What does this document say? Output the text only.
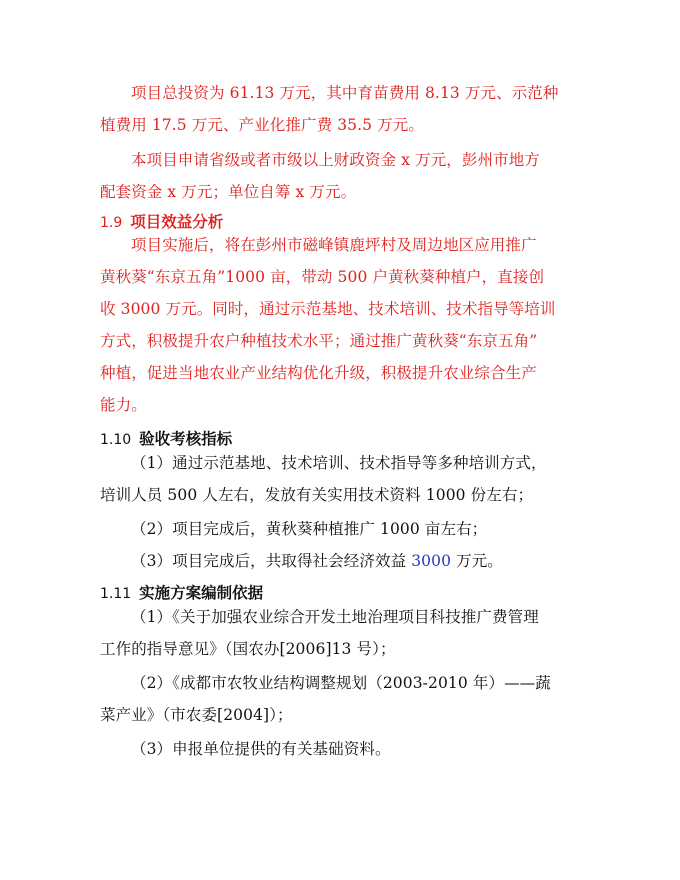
项目总投资为 61.13 万元，其中育苗费用 8.13 万元、示范种
植费用 17.5 万元、产业化推广费 35.5 万元。

本项目申请省级或者市级以上财政资金 x 万元，彭州市地方
配套资金 x 万元；单位自筹 x 万元。

1.9 项目效益分析

项目实施后，将在彭州市磁峰镇鹿坪村及周边地区应用推广
黄秋葵“东京五角”1000 亩，带动 500 户黄秋葵种植户，直接创
收 3000 万元。同时，通过示范基地、技术培训、技术指导等培训
方式，积极提升农户种植技术水平；通过推广黄秋葵“东京五角”
种植，促进当地农业产业结构优化升级，积极提升农业综合生产
能力。

1.10 验收考核指标

（1）通过示范基地、技术培训、技术指导等多种培训方式，
培训人员 500 人左右，发放有关实用技术资料 1000 份左右；

（2）项目完成后，黄秋葵种植推广 1000 亩左右；

（3）项目完成后，共取得社会经济效益 3000 万元。

1.11 实施方案编制依据

（1）《关于加强农业综合开发土地治理项目科技推广费管理
工作的指导意见》（国农办[2006]13 号）；

（2）《成都市农牧业结构调整规划（2003-2010 年）——蔬
菜产业》（市农委[2004]）；

（3）申报单位提供的有关基础资料。
